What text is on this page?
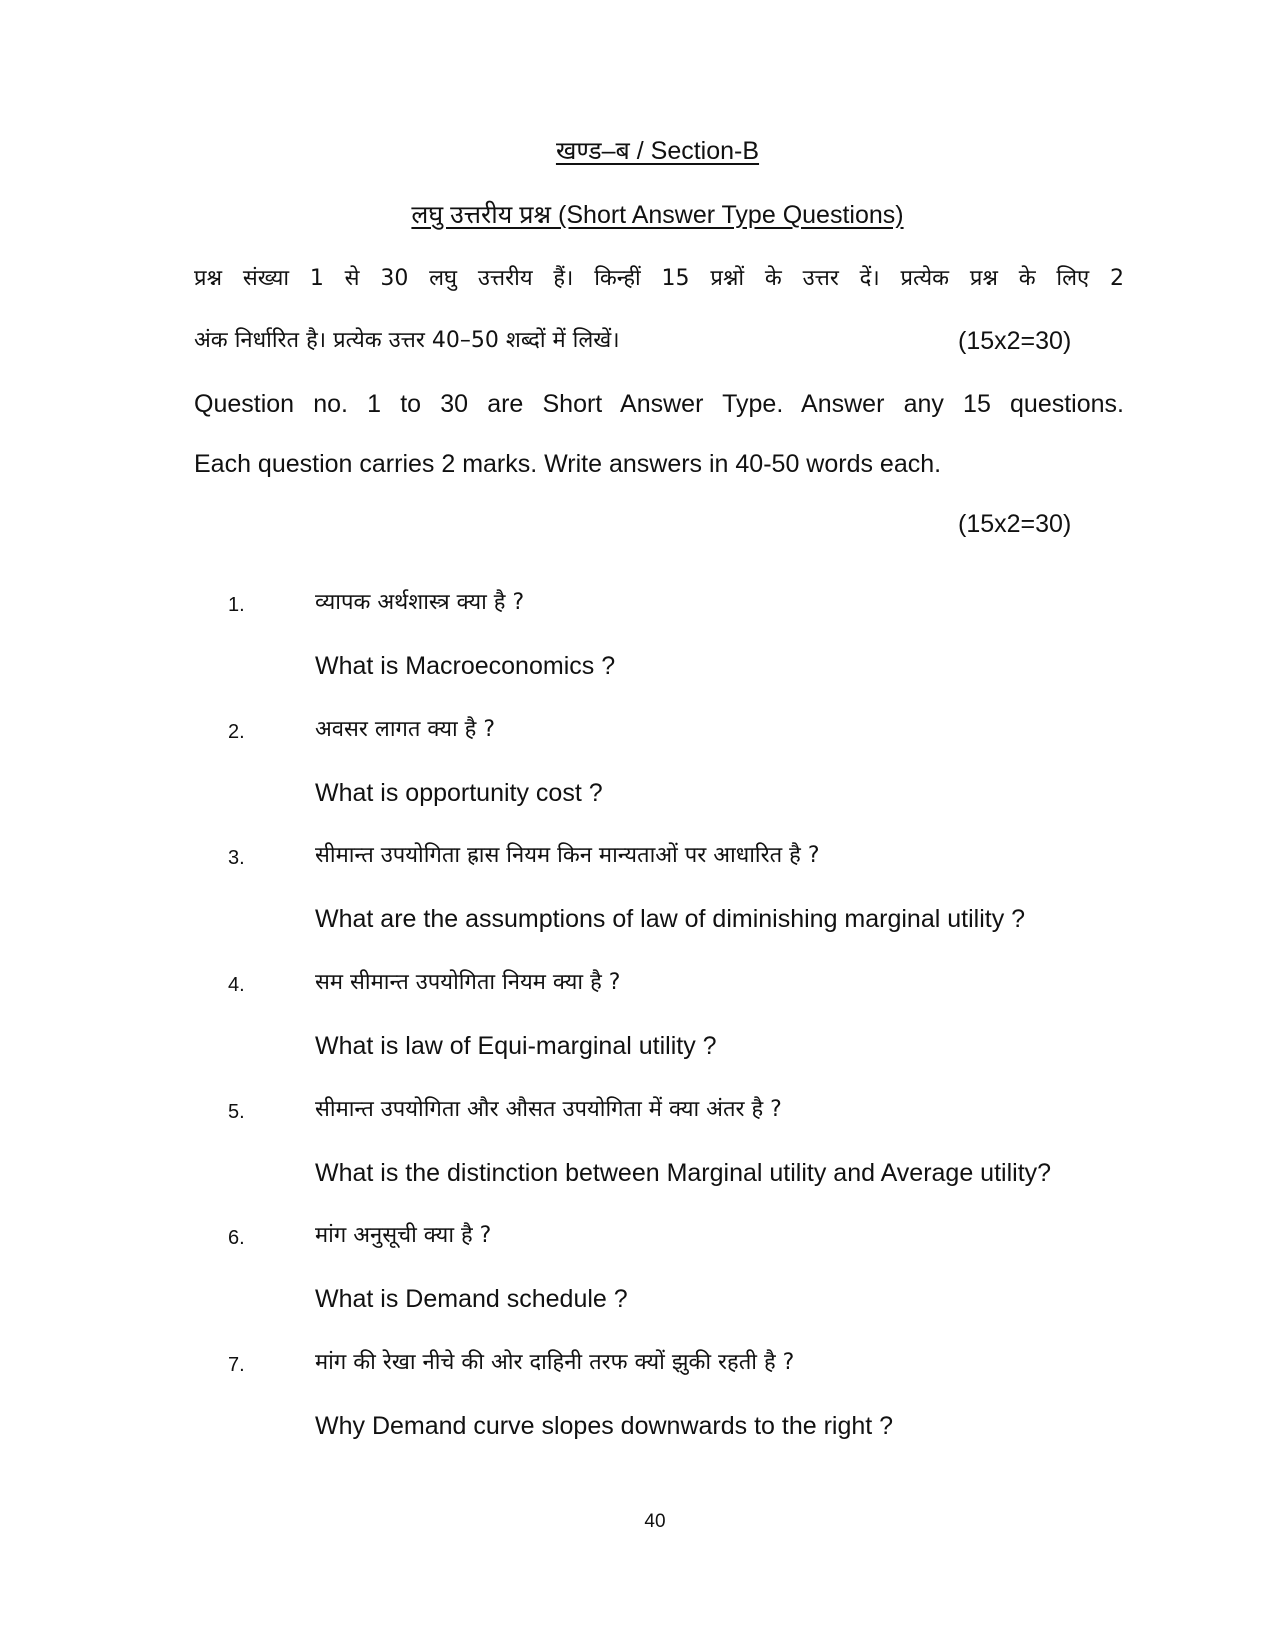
खण्ड–ब / Section-B
लघु उत्तरीय प्रश्न (Short Answer Type Questions)
प्रश्न संख्या 1 से 30 लघु उत्तरीय हैं। किन्हीं 15 प्रश्नों के उत्तर दें। प्रत्येक प्रश्न के लिए 2
अंक निर्धारित है। प्रत्येक उत्तर 40–50 शब्दों में लिखें।	(15x2=30)
Question no. 1 to 30 are Short Answer Type. Answer any 15 questions.
Each question carries 2 marks. Write answers in 40-50 words each.
(15x2=30)
1.	व्यापक अर्थशास्त्र क्या है ?
What is Macroeconomics ?
2.	अवसर लागत क्या है ?
What is opportunity cost ?
3.	सीमान्त उपयोगिता ह्रास नियम किन मान्यताओं पर आधारित है ?
What are the assumptions of law of diminishing marginal utility ?
4.	सम सीमान्त उपयोगिता नियम क्या है ?
What is law of Equi-marginal utility ?
5.	सीमान्त उपयोगिता और औसत उपयोगिता में क्या अंतर है ?
What is the distinction between Marginal utility and Average utility?
6.	मांग अनुसूची क्या है ?
What is Demand schedule ?
7.	मांग की रेखा नीचे की ओर दाहिनी तरफ क्यों झुकी रहती है ?
Why Demand curve slopes downwards to the right ?
40
